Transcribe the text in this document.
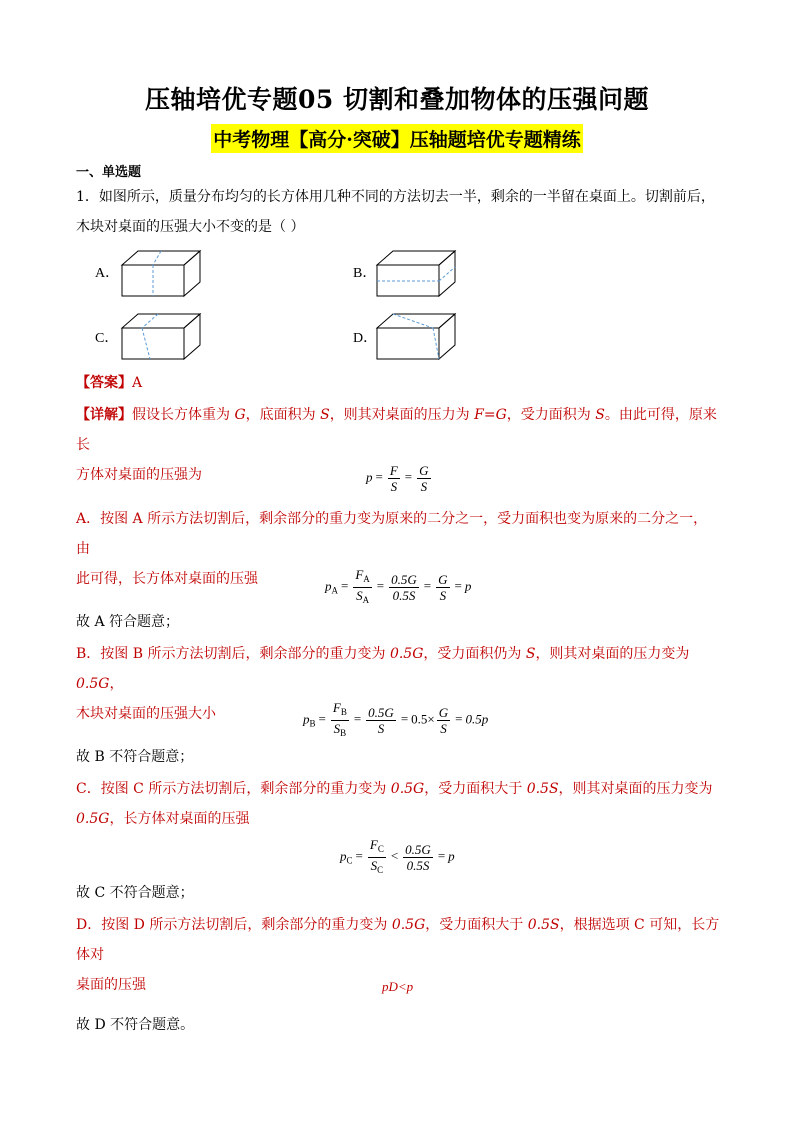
压轴培优专题05 切割和叠加物体的压强问题
中考物理【高分·突破】压轴题培优专题精练
一、单选题
1．如图所示，质量分布均匀的长方体用几种不同的方法切去一半，剩余的一半留在桌面上。切割前后，
木块对桌面的压强大小不变的是（ ）
A．	B．
C．	D．
【答案】A
【详解】假设长方体重为 G，底面积为 S，则其对桌面的压力为 F=G，受力面积为 S。由此可得，原来长
方体对桌面的压强为	$p = \frac{F}{S} = \frac{G}{S}$
A．按图 A 所示方法切割后，剩余部分的重力变为原来的二分之一，受力面积也变为原来的二分之一，由
此可得，长方体对桌面的压强	$p_A = \frac{F_A}{S_A} = \frac{0.5G}{0.5S} = \frac{G}{S} = p$
故 A 符合题意；
B．按图 B 所示方法切割后，剩余部分的重力变为 0.5G，受力面积仍为 S，则其对桌面的压力变为 0.5G，
木块对桌面的压强大小	$p_B = \frac{F_B}{S_B} = \frac{0.5G}{S} = 0.5\times \frac{G}{S} = 0.5p$
故 B 不符合题意；
C．按图 C 所示方法切割后，剩余部分的重力变为 0.5G，受力面积大于 0.5S，则其对桌面的压力变为
0.5G，长方体对桌面的压强
$p_C = \frac{F_C}{S_C} < \frac{0.5G}{0.5S} = p$
故 C 不符合题意；
D．按图 D 所示方法切割后，剩余部分的重力变为 0.5G，受力面积大于 0.5S，根据选项 C 可知，长方体对
桌面的压强	pD<p
故 D 不符合题意。
